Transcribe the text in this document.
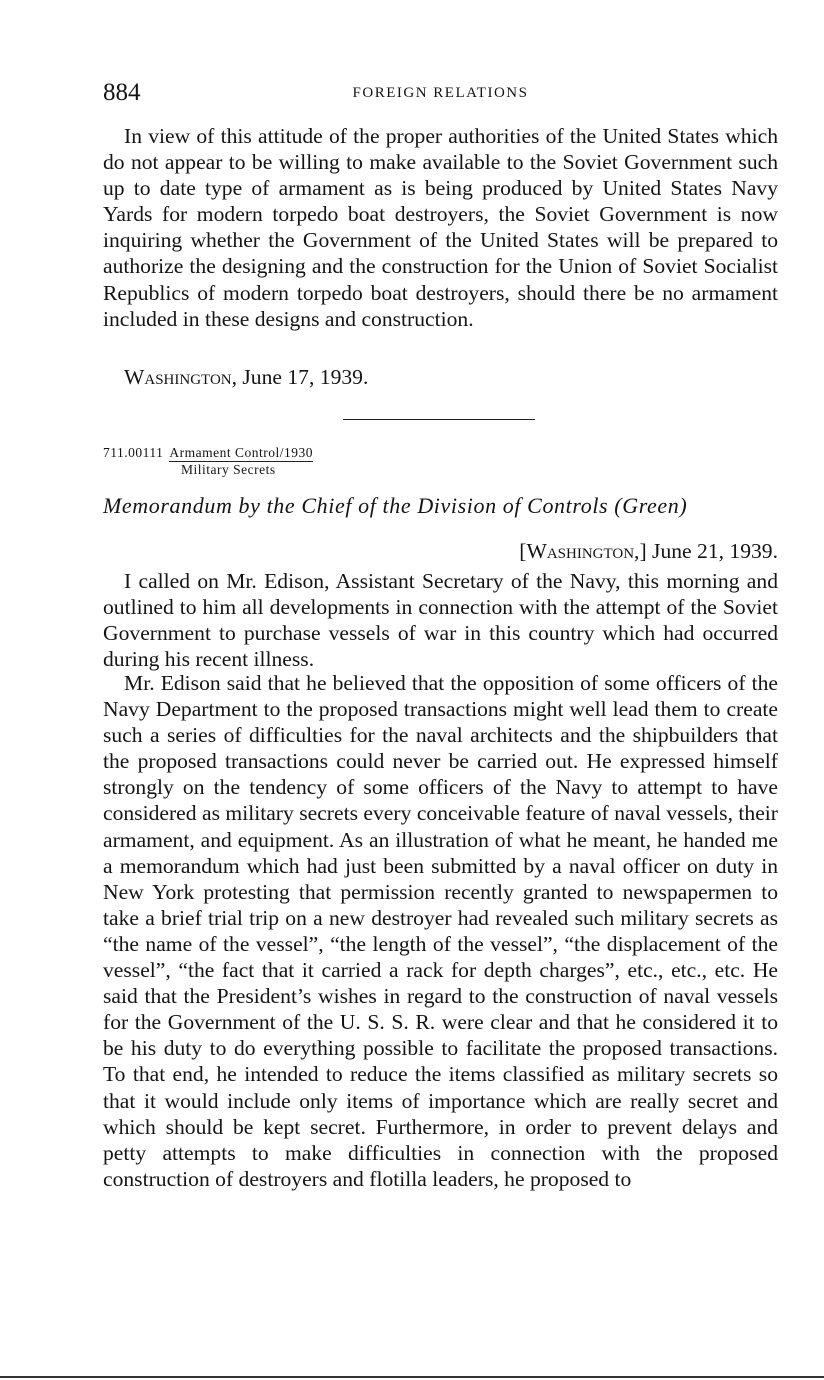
884	FOREIGN RELATIONS

In view of this attitude of the proper authorities of the United States which do not appear to be willing to make available to the Soviet Government such up to date type of armament as is being produced by United States Navy Yards for modern torpedo boat destroyers, the Soviet Government is now inquiring whether the Government of the United States will be prepared to authorize the designing and the construction for the Union of Soviet Socialist Republics of modern torpedo boat destroyers, should there be no armament included in these designs and construction.

Washington, June 17, 1939.
711.00111 Armament Control/1930
Military Secrets
Memorandum by the Chief of the Division of Controls (Green)
[Washington,] June 21, 1939.

I called on Mr. Edison, Assistant Secretary of the Navy, this morning and outlined to him all developments in connection with the attempt of the Soviet Government to purchase vessels of war in this country which had occurred during his recent illness.

Mr. Edison said that he believed that the opposition of some officers of the Navy Department to the proposed transactions might well lead them to create such a series of difficulties for the naval architects and the shipbuilders that the proposed transactions could never be carried out. He expressed himself strongly on the tendency of some officers of the Navy to attempt to have considered as military secrets every conceivable feature of naval vessels, their armament, and equipment. As an illustration of what he meant, he handed me a memorandum which had just been submitted by a naval officer on duty in New York protesting that permission recently granted to newspapermen to take a brief trial trip on a new destroyer had revealed such military secrets as “the name of the vessel”, “the length of the vessel”, “the displacement of the vessel”, “the fact that it carried a rack for depth charges”, etc., etc., etc. He said that the President’s wishes in regard to the construction of naval vessels for the Government of the U. S. S. R. were clear and that he considered it to be his duty to do everything possible to facilitate the proposed transactions. To that end, he intended to reduce the items classified as military secrets so that it would include only items of importance which are really secret and which should be kept secret. Furthermore, in order to prevent delays and petty attempts to make difficulties in connection with the proposed construction of destroyers and flotilla leaders, he proposed to
